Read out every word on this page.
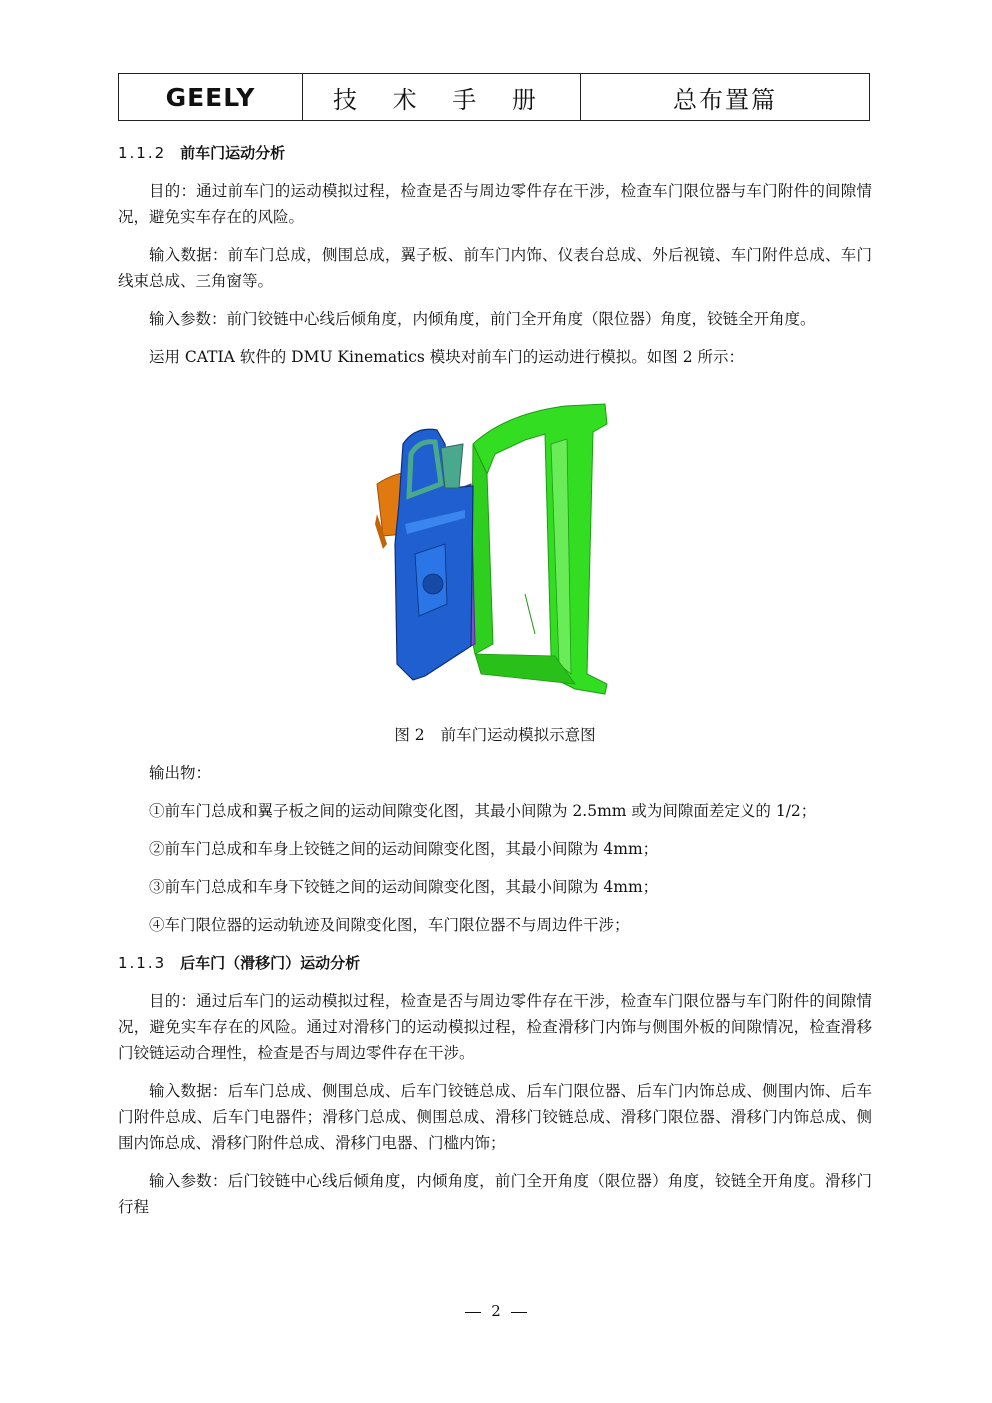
GEELY	技 术 手 册	总布置篇
1.1.2 前车门运动分析

目的：通过前车门的运动模拟过程，检查是否与周边零件存在干涉，检查车门限位器与车门附件的间隙情况，避免实车存在的风险。

输入数据：前车门总成，侧围总成，翼子板、前车门内饰、仪表台总成、外后视镜、车门附件总成、车门线束总成、三角窗等。

输入参数：前门铰链中心线后倾角度，内倾角度，前门全开角度（限位器）角度，铰链全开角度。

运用 CATIA 软件的 DMU Kinematics 模块对前车门的运动进行模拟。如图 2 所示：

图 2 前车门运动模拟示意图

输出物：

①前车门总成和翼子板之间的运动间隙变化图，其最小间隙为 2.5mm 或为间隙面差定义的 1/2；

②前车门总成和车身上铰链之间的运动间隙变化图，其最小间隙为 4mm；

③前车门总成和车身下铰链之间的运动间隙变化图，其最小间隙为 4mm；

④车门限位器的运动轨迹及间隙变化图，车门限位器不与周边件干涉；

1.1.3 后车门（滑移门）运动分析

目的：通过后车门的运动模拟过程，检查是否与周边零件存在干涉，检查车门限位器与车门附件的间隙情况，避免实车存在的风险。通过对滑移门的运动模拟过程，检查滑移门内饰与侧围外板的间隙情况，检查滑移门铰链运动合理性，检查是否与周边零件存在干涉。

输入数据：后车门总成、侧围总成、后车门铰链总成、后车门限位器、后车门内饰总成、侧围内饰、后车门附件总成、后车门电器件；滑移门总成、侧围总成、滑移门铰链总成、滑移门限位器、滑移门内饰总成、侧围内饰总成、滑移门附件总成、滑移门电器、门槛内饰；

输入参数：后门铰链中心线后倾角度，内倾角度，前门全开角度（限位器）角度，铰链全开角度。滑移门行程

2
